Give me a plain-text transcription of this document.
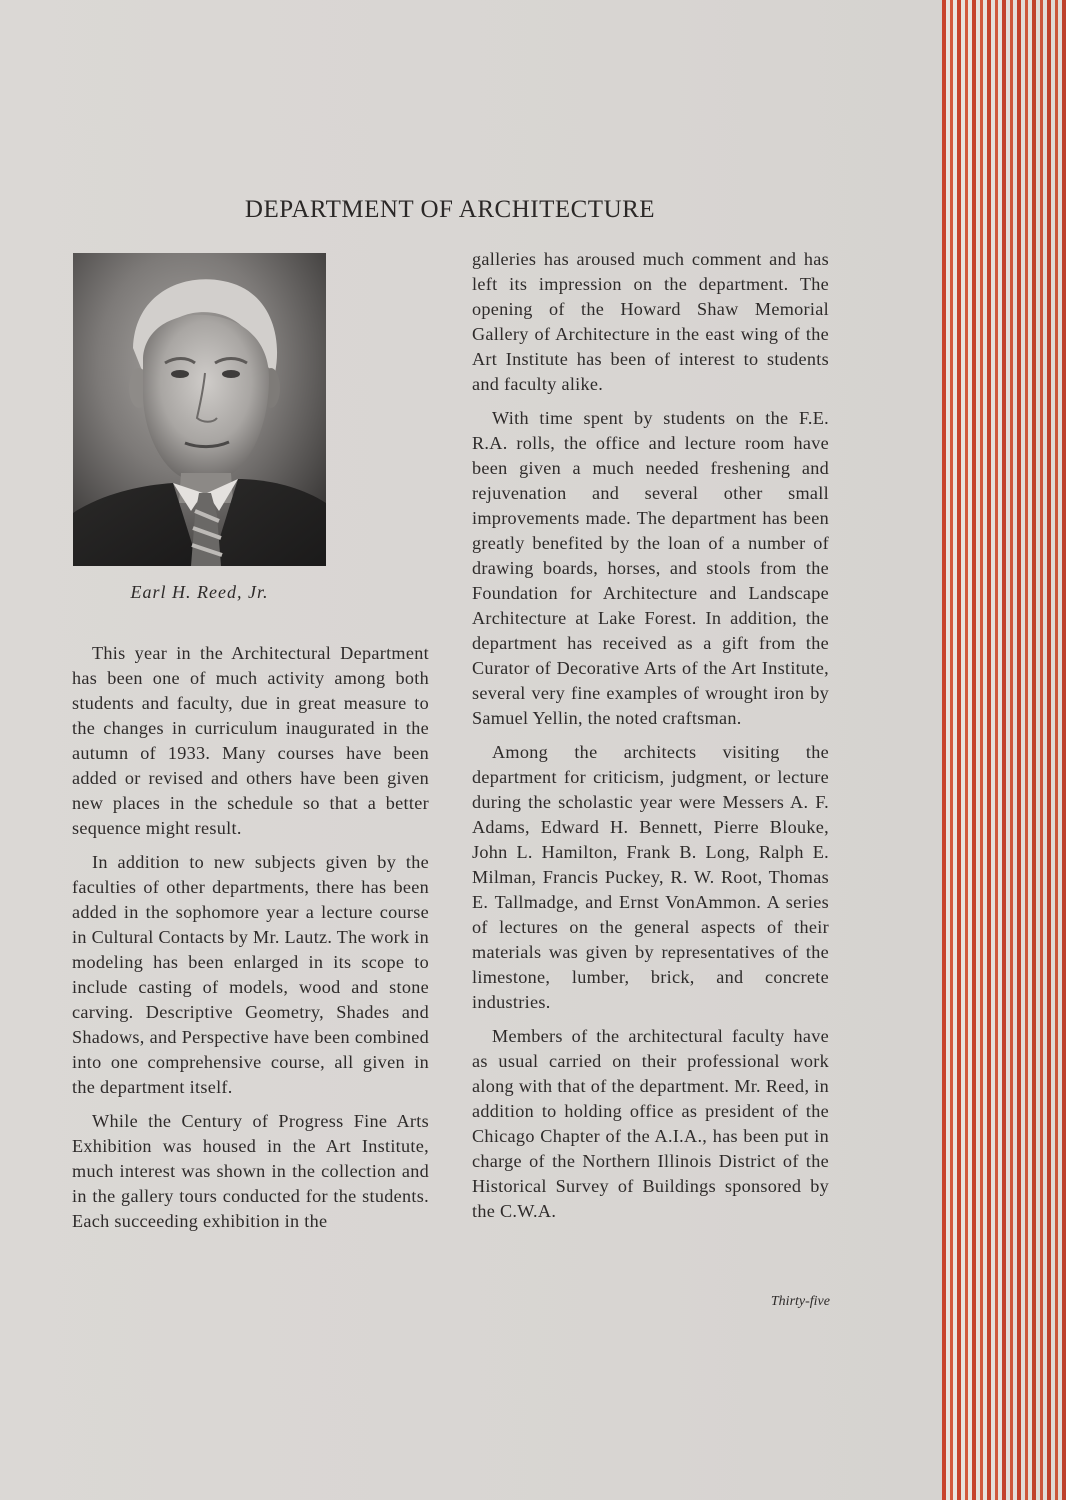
DEPARTMENT OF ARCHITECTURE
Earl H. Reed, Jr.

This year in the Architectural Department has been one of much activity among both students and faculty, due in great measure to the changes in curriculum inaugurated in the autumn of 1933. Many courses have been added or revised and others have been given new places in the schedule so that a better sequence might result.

In addition to new subjects given by the faculties of other departments, there has been added in the sophomore year a lecture course in Cultural Contacts by Mr. Lautz. The work in modeling has been enlarged in its scope to include casting of models, wood and stone carving. Descriptive Geometry, Shades and Shadows, and Perspective have been combined into one comprehensive course, all given in the department itself.

While the Century of Progress Fine Arts Exhibition was housed in the Art Institute, much interest was shown in the collection and in the gallery tours conducted for the students. Each succeeding exhibition in the

galleries has aroused much comment and has left its impression on the department. The opening of the Howard Shaw Memorial Gallery of Architecture in the east wing of the Art Institute has been of interest to students and faculty alike.

With time spent by students on the F.E. R.A. rolls, the office and lecture room have been given a much needed freshening and rejuvenation and several other small improvements made. The department has been greatly benefited by the loan of a number of drawing boards, horses, and stools from the Foundation for Architecture and Landscape Architecture at Lake Forest. In addition, the department has received as a gift from the Curator of Decorative Arts of the Art Institute, several very fine examples of wrought iron by Samuel Yellin, the noted craftsman.

Among the architects visiting the department for criticism, judgment, or lecture during the scholastic year were Messers A. F. Adams, Edward H. Bennett, Pierre Blouke, John L. Hamilton, Frank B. Long, Ralph E. Milman, Francis Puckey, R. W. Root, Thomas E. Tallmadge, and Ernst VonAmmon. A series of lectures on the general aspects of their materials was given by representatives of the limestone, lumber, brick, and concrete industries.

Members of the architectural faculty have as usual carried on their professional work along with that of the department. Mr. Reed, in addition to holding office as president of the Chicago Chapter of the A.I.A., has been put in charge of the Northern Illinois District of the Historical Survey of Buildings sponsored by the C.W.A.

Thirty-five
